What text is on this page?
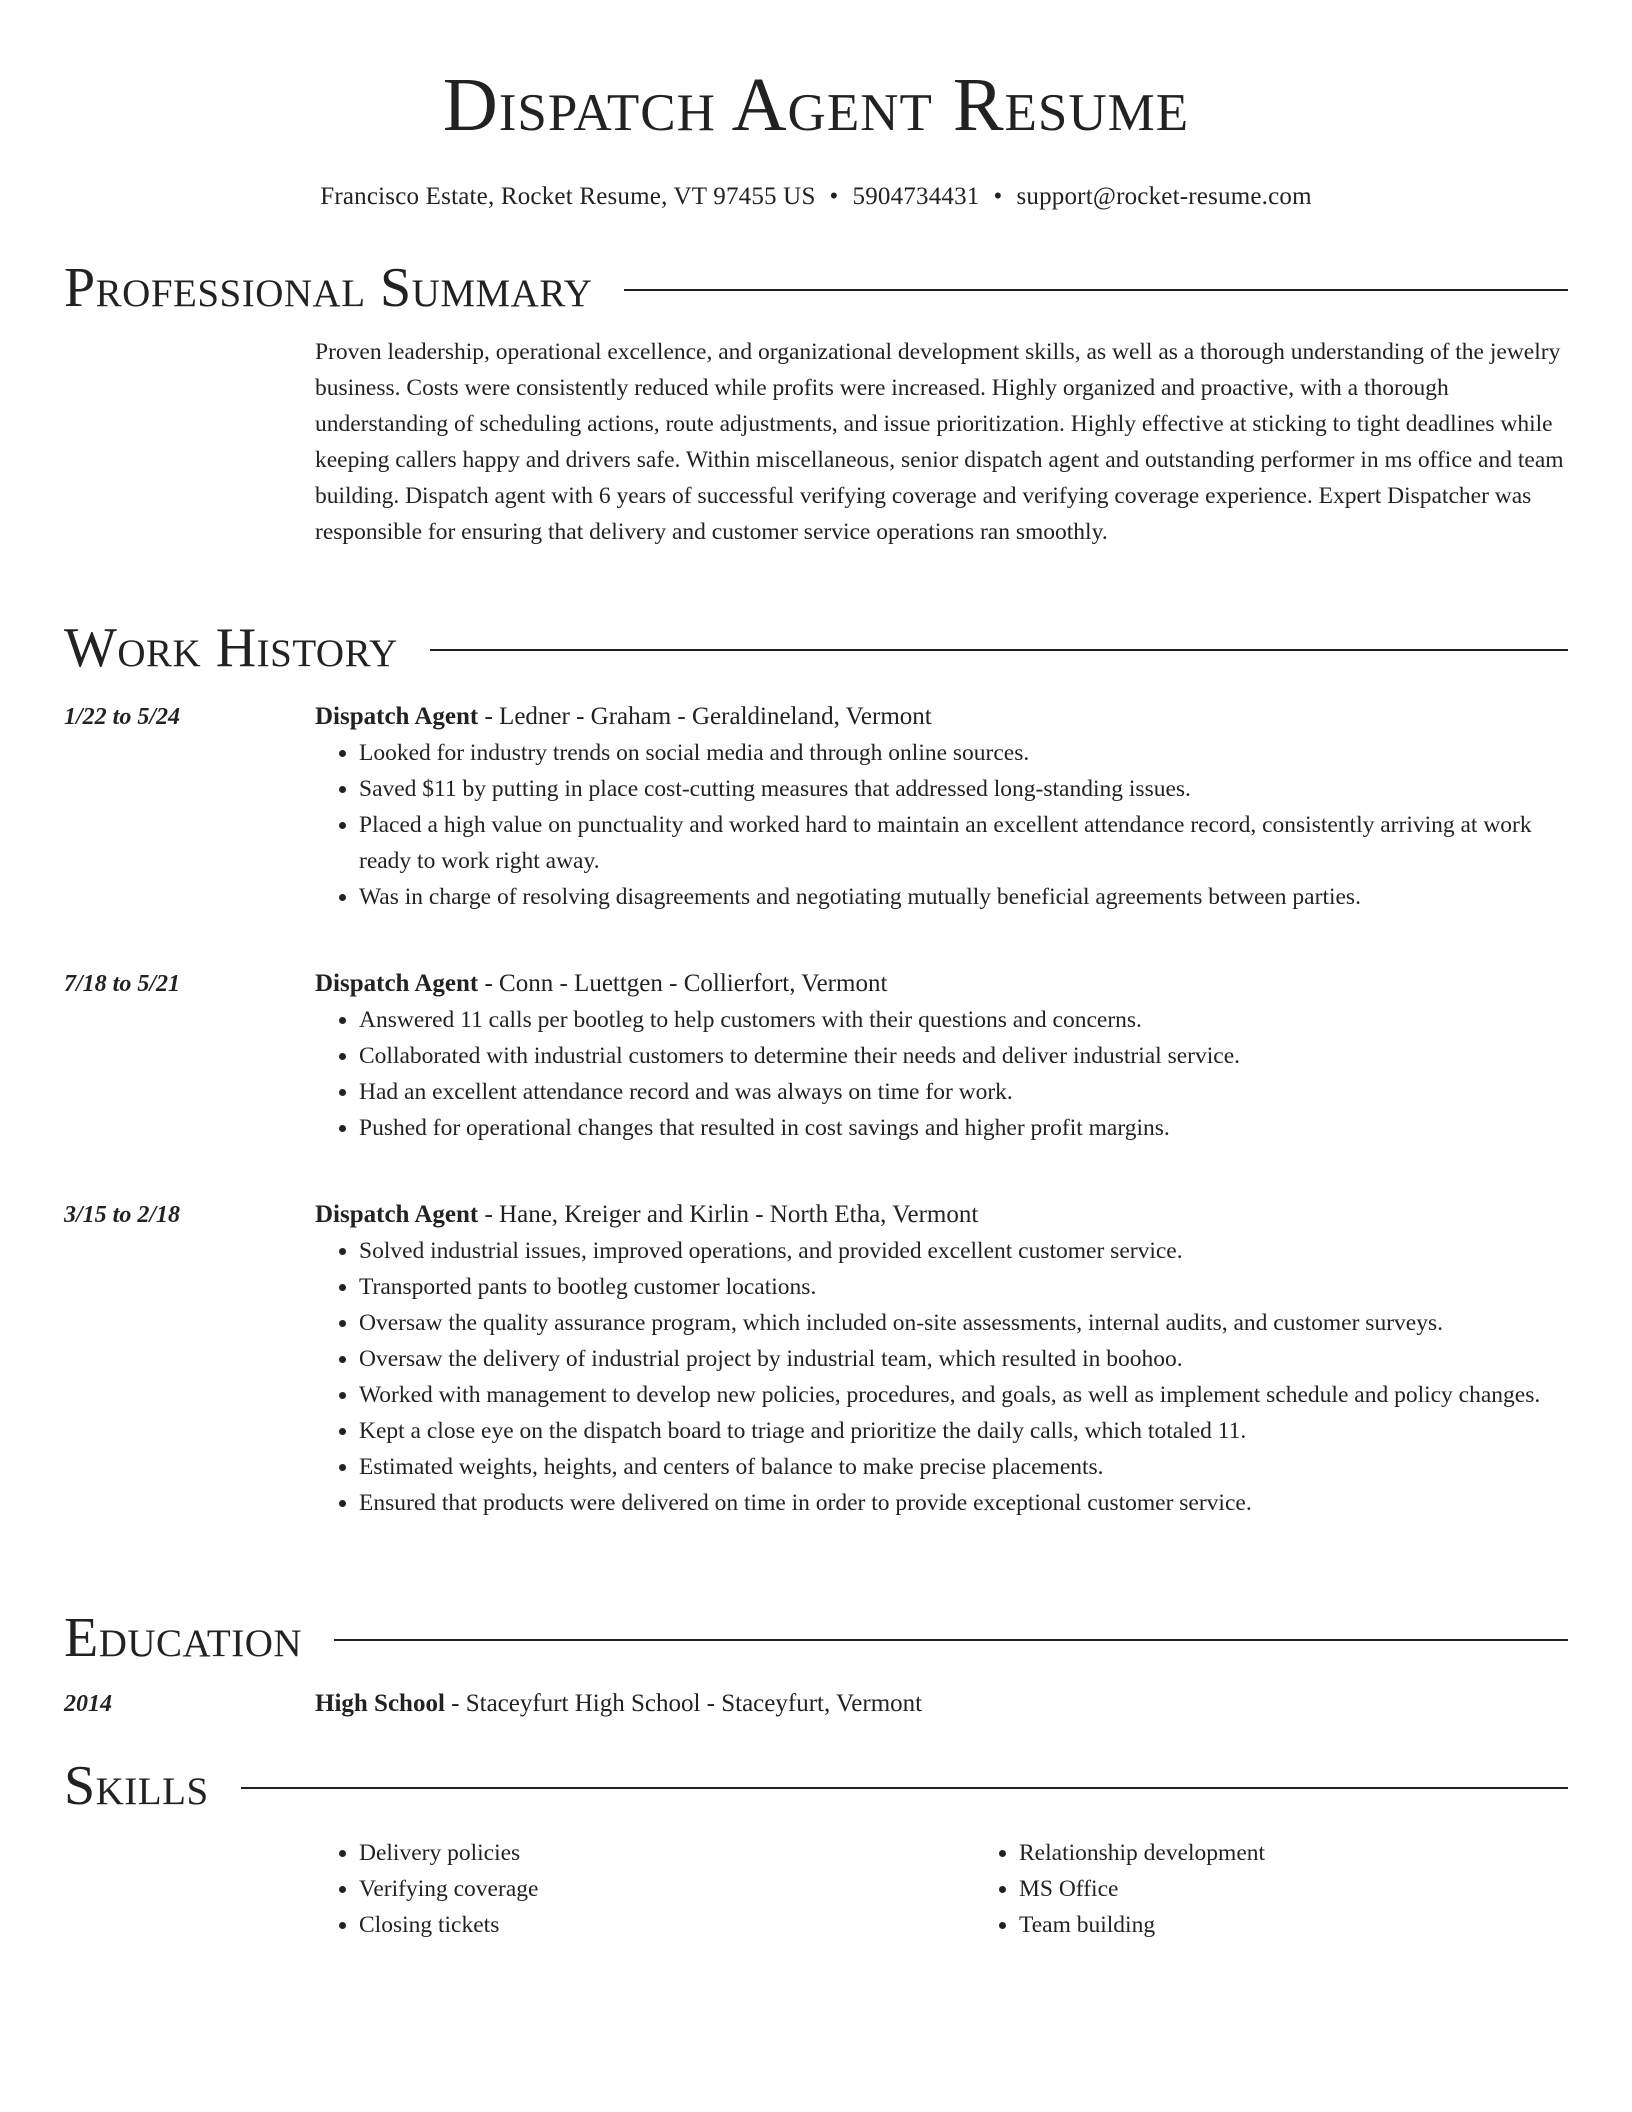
Dispatch Agent Resume
Francisco Estate, Rocket Resume, VT 97455 US • 5904734431 • support@rocket-resume.com
Professional Summary
Proven leadership, operational excellence, and organizational development skills, as well as a thorough understanding of the jewelry business. Costs were consistently reduced while profits were increased. Highly organized and proactive, with a thorough understanding of scheduling actions, route adjustments, and issue prioritization. Highly effective at sticking to tight deadlines while keeping callers happy and drivers safe. Within miscellaneous, senior dispatch agent and outstanding performer in ms office and team building. Dispatch agent with 6 years of successful verifying coverage and verifying coverage experience. Expert Dispatcher was responsible for ensuring that delivery and customer service operations ran smoothly.
Work History
1/22 to 5/24	Dispatch Agent - Ledner - Graham - Geraldineland, Vermont
• Looked for industry trends on social media and through online sources.
• Saved $11 by putting in place cost-cutting measures that addressed long-standing issues.
• Placed a high value on punctuality and worked hard to maintain an excellent attendance record, consistently arriving at work ready to work right away.
• Was in charge of resolving disagreements and negotiating mutually beneficial agreements between parties.
7/18 to 5/21	Dispatch Agent - Conn - Luettgen - Collierfort, Vermont
• Answered 11 calls per bootleg to help customers with their questions and concerns.
• Collaborated with industrial customers to determine their needs and deliver industrial service.
• Had an excellent attendance record and was always on time for work.
• Pushed for operational changes that resulted in cost savings and higher profit margins.
3/15 to 2/18	Dispatch Agent - Hane, Kreiger and Kirlin - North Etha, Vermont
• Solved industrial issues, improved operations, and provided excellent customer service.
• Transported pants to bootleg customer locations.
• Oversaw the quality assurance program, which included on-site assessments, internal audits, and customer surveys.
• Oversaw the delivery of industrial project by industrial team, which resulted in boohoo.
• Worked with management to develop new policies, procedures, and goals, as well as implement schedule and policy changes.
• Kept a close eye on the dispatch board to triage and prioritize the daily calls, which totaled 11.
• Estimated weights, heights, and centers of balance to make precise placements.
• Ensured that products were delivered on time in order to provide exceptional customer service.
Education
2014	High School - Staceyfurt High School - Staceyfurt, Vermont
Skills
• Delivery policies
• Verifying coverage
• Closing tickets
• Relationship development
• MS Office
• Team building
